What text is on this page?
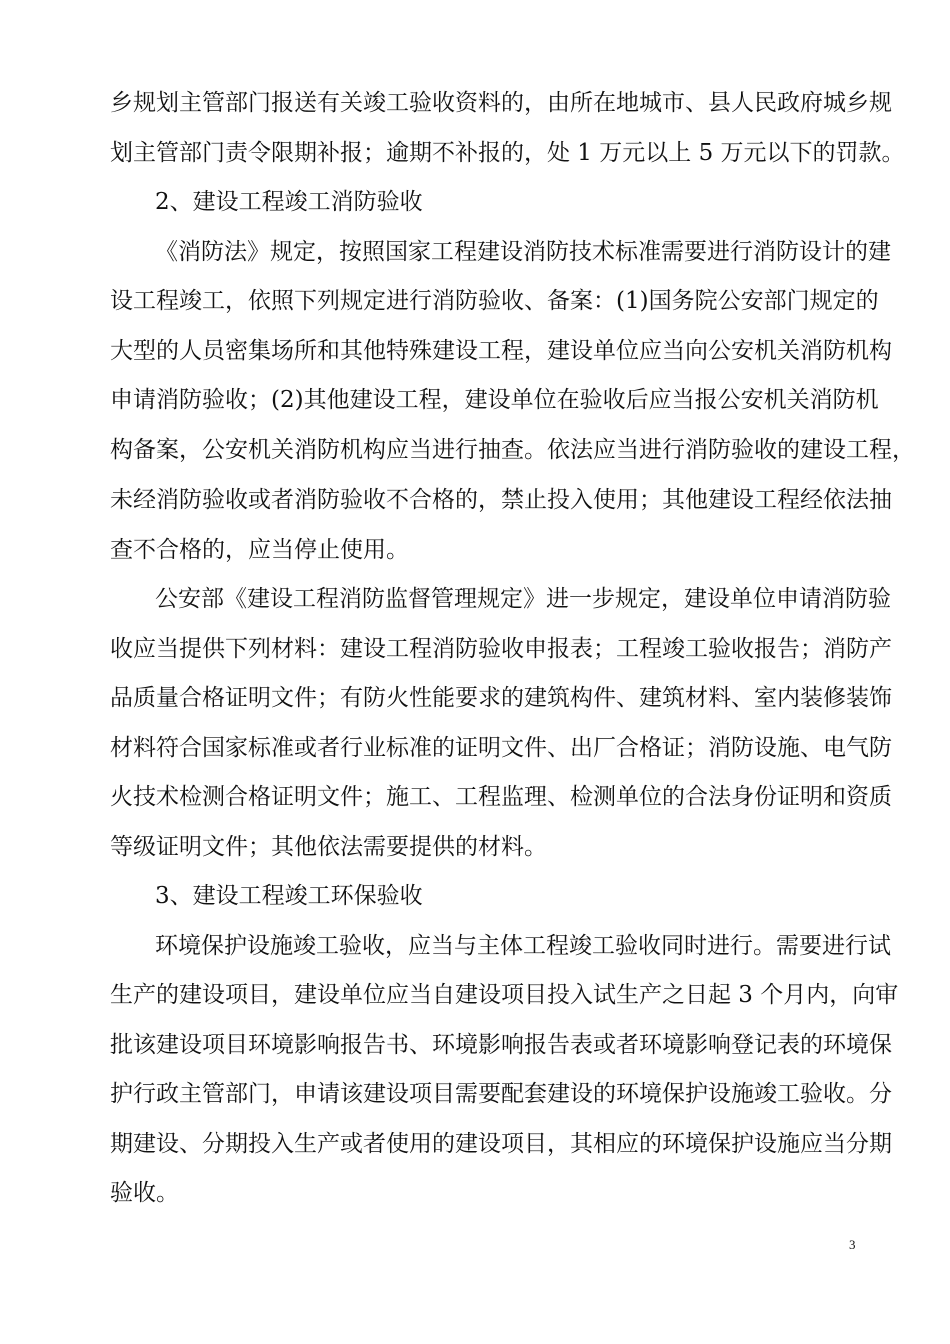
乡规划主管部门报送有关竣工验收资料的，由所在地城市、县人民政府城乡规
划主管部门责令限期补报；逾期不补报的，处 1 万元以上 5 万元以下的罚款。
2、建设工程竣工消防验收
《消防法》规定，按照国家工程建设消防技术标准需要进行消防设计的建
设工程竣工，依照下列规定进行消防验收、备案：(1)国务院公安部门规定的
大型的人员密集场所和其他特殊建设工程，建设单位应当向公安机关消防机构
申请消防验收；(2)其他建设工程，建设单位在验收后应当报公安机关消防机
构备案，公安机关消防机构应当进行抽查。依法应当进行消防验收的建设工程，
未经消防验收或者消防验收不合格的，禁止投入使用；其他建设工程经依法抽
查不合格的，应当停止使用。
公安部《建设工程消防监督管理规定》进一步规定，建设单位申请消防验
收应当提供下列材料：建设工程消防验收申报表；工程竣工验收报告；消防产
品质量合格证明文件；有防火性能要求的建筑构件、建筑材料、室内装修装饰
材料符合国家标准或者行业标准的证明文件、出厂合格证；消防设施、电气防
火技术检测合格证明文件；施工、工程监理、检测单位的合法身份证明和资质
等级证明文件；其他依法需要提供的材料。
3、建设工程竣工环保验收
环境保护设施竣工验收，应当与主体工程竣工验收同时进行。需要进行试
生产的建设项目，建设单位应当自建设项目投入试生产之日起 3 个月内，向审
批该建设项目环境影响报告书、环境影响报告表或者环境影响登记表的环境保
护行政主管部门，申请该建设项目需要配套建设的环境保护设施竣工验收。分
期建设、分期投入生产或者使用的建设项目，其相应的环境保护设施应当分期
验收。
3
